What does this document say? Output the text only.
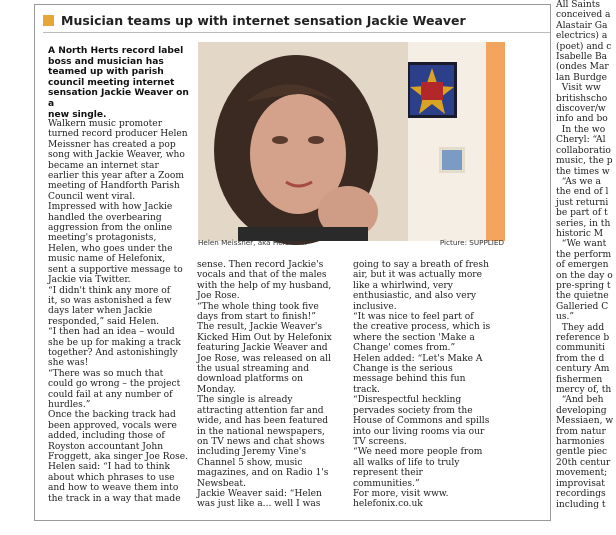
All Saints
conceived a
Alastair Ga
electrics) a
(poet) and c
Isabelle Ba
(ondes Mar
lan Burdge
Visit ww
britishscho
discover/w
info and bo
In the wo
Cheryl: “Al
collaboratio
music, the p
the times w
“As we a
the end of l
just returni
be part of t
series, in th
historic M
“We want
the perform
of emergen
on the day o
pre-spring t
the quietne
Galleried C
us.”
They add
reference b
communiti
from the d
century Am
fishermen
mercy of, th
“And beh
developing
Messiaen, w
from natur
harmonies
gentle piec
20th centur
movement;
improvisat
recordings
including t
Musician teams up with internet sensation Jackie Weaver
A North Herts record label
boss and musician has
teamed up with parish
council meeting internet
sensation Jackie Weaver on a
new single.
Walkern music promoter
turned record producer Helen
Meissner has created a pop
song with Jackie Weaver, who
became an internet star
earlier this year after a Zoom
meeting of Handforth Parish
Council went viral.
Impressed with how Jackie
handled the overbearing
aggression from the online
meeting's protagonists,
Helen, who goes under the
music name of Helefonix,
sent a supportive message to
Jackie via Twitter.
“I didn't think any more of
it, so was astonished a few
days later when Jackie
responded,” said Helen.
“I then had an idea – would
she be up for making a track
together? And astonishingly
she was!
“There was so much that
could go wrong – the project
could fail at any number of
hurdles.”
Once the backing track had
been approved, vocals were
added, including those of
Royston accountant John
Froggett, aka singer Joe Rose.
Helen said: “I had to think
about which phrases to use
and how to weave them into
the track in a way that made
Helen Meissner, aka Helefonix	Picture: SUPPLIED
sense. Then record Jackie's
vocals and that of the males
with the help of my husband,
Joe Rose.
“The whole thing took five
days from start to finish!”
The result, Jackie Weaver's
Kicked Him Out by Helefonix
featuring Jackie Weaver and
Joe Rose, was released on all
the usual streaming and
download platforms on
Monday.
The single is already
attracting attention far and
wide, and has been featured
in the national newspapers,
on TV news and chat shows
including Jeremy Vine's
Channel 5 show, music
magazines, and on Radio 1's
Newsbeat.
Jackie Weaver said: “Helen
was just like a... well I was
going to say a breath of fresh
air, but it was actually more
like a whirlwind, very
enthusiastic, and also very
inclusive.
“It was nice to feel part of
the creative process, which is
where the section 'Make a
Change' comes from.”
Helen added: “Let's Make A
Change is the serious
message behind this fun
track.
“Disrespectful heckling
pervades society from the
House of Commons and spills
into our living rooms via our
TV screens.
“We need more people from
all walks of life to truly
represent their
communities.”
For more, visit www.
helefonix.co.uk
